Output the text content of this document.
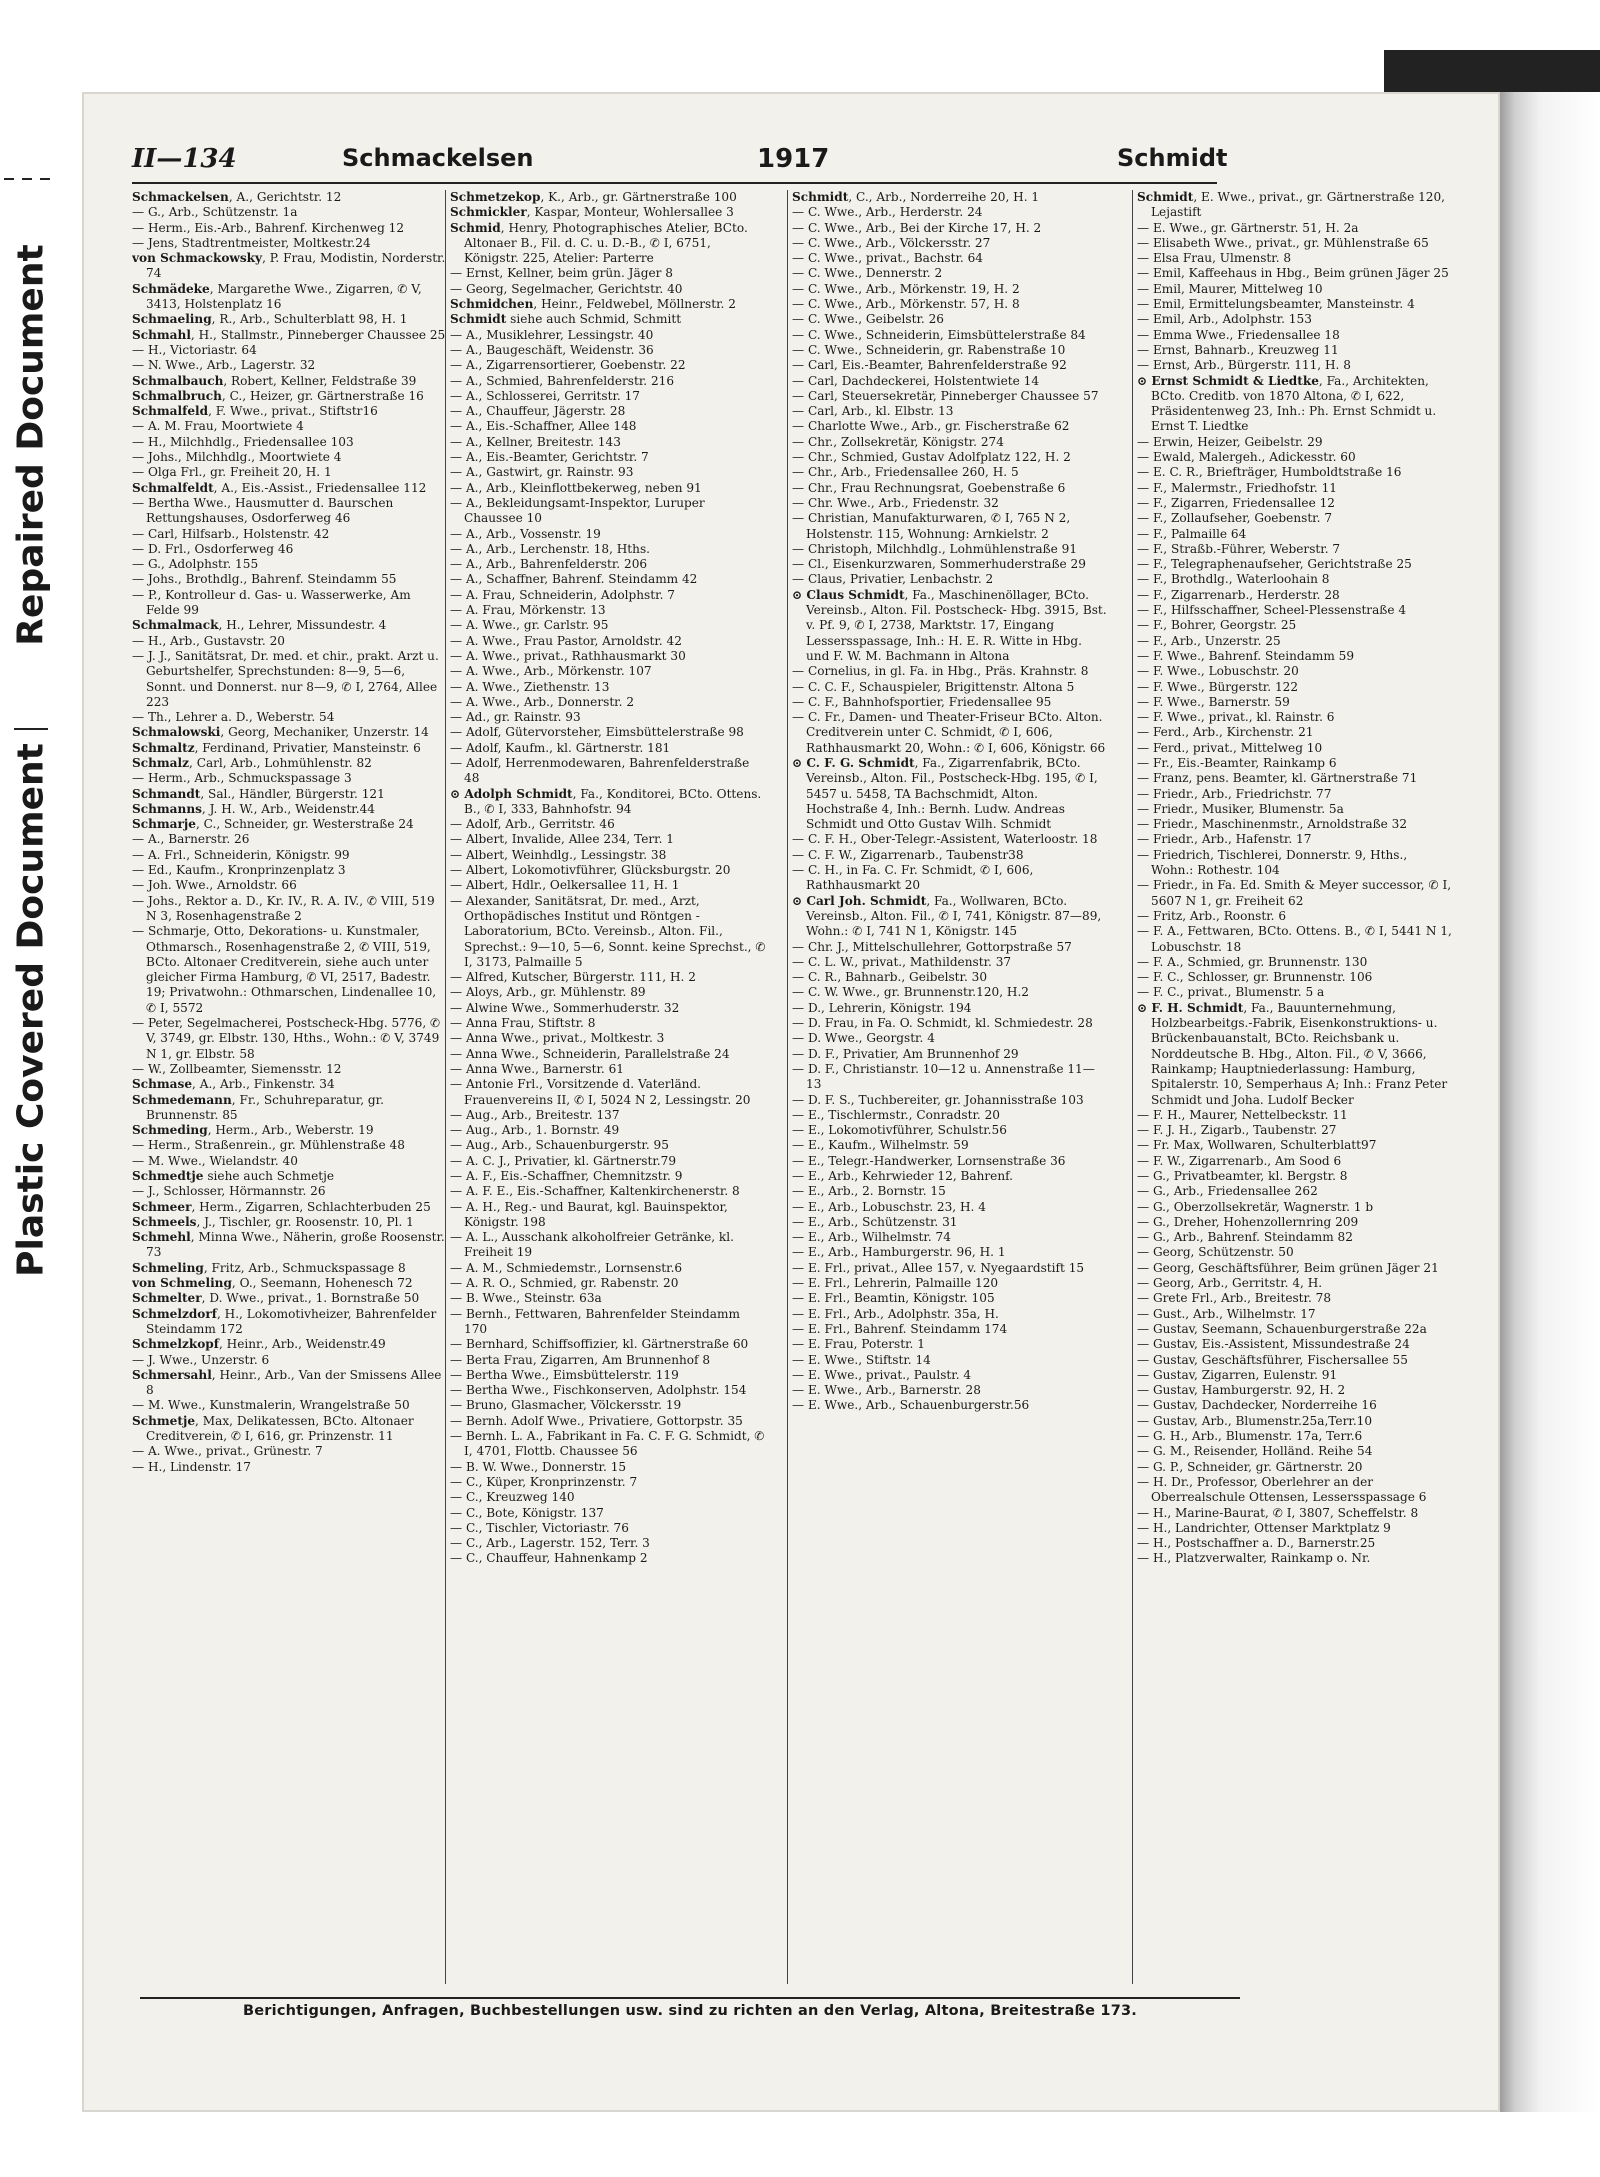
Repaired Document
Plastic Covered Document
II—134	Schmackelsen	1917	Schmidt

Schmackelsen, A., Gerichtstr. 12

— G., Arb., Schützenstr. 1a

— Herm., Eis.-Arb., Bahrenf. Kirchenweg 12

— Jens, Stadtrentmeister, Moltkestr.24

von Schmackowsky, P. Frau, Modistin, Norderstr. 74

Schmädeke, Margarethe Wwe., Zigarren, ✆ V, 3413, Holstenplatz 16

Schmaeling, R., Arb., Schulterblatt 98, H. 1

Schmahl, H., Stallmstr., Pinneberger Chaussee 25

— H., Victoriastr. 64

— N. Wwe., Arb., Lagerstr. 32

Schmalbauch, Robert, Kellner, Feldstraße 39

Schmalbruch, C., Heizer, gr. Gärtnerstraße 16

Schmalfeld, F. Wwe., privat., Stiftstr16

— A. M. Frau, Moortwiete 4

— H., Milchhdlg., Friedensallee 103

— Johs., Milchhdlg., Moortwiete 4

— Olga Frl., gr. Freiheit 20, H. 1

Schmalfeldt, A., Eis.-Assist., Friedensallee 112

— Bertha Wwe., Hausmutter d. Baurschen Rettungshauses, Osdorferweg 46

— Carl, Hilfsarb., Holstenstr. 42

— D. Frl., Osdorferweg 46

— G., Adolphstr. 155

— Johs., Brothdlg., Bahrenf. Steindamm 55

— P., Kontrolleur d. Gas- u. Wasserwerke, Am Felde 99

Schmalmack, H., Lehrer, Missundestr. 4

— H., Arb., Gustavstr. 20

— J. J., Sanitätsrat, Dr. med. et chir., prakt. Arzt u. Geburtshelfer, Sprechstunden: 8—9, 5—6, Sonnt. und Donnerst. nur 8—9, ✆ I, 2764, Allee 223

— Th., Lehrer a. D., Weberstr. 54

Schmalowski, Georg, Mechaniker, Unzerstr. 14

Schmaltz, Ferdinand, Privatier, Mansteinstr. 6

Schmalz, Carl, Arb., Lohmühlenstr. 82

— Herm., Arb., Schmuckspassage 3

Schmandt, Sal., Händler, Bürgerstr. 121

Schmanns, J. H. W., Arb., Weidenstr.44

Schmarje, C., Schneider, gr. Westerstraße 24

— A., Barnerstr. 26

— A. Frl., Schneiderin, Königstr. 99

— Ed., Kaufm., Kronprinzenplatz 3

— Joh. Wwe., Arnoldstr. 66

— Johs., Rektor a. D., Kr. IV., R. A. IV., ✆ VIII, 519 N 3, Rosenhagenstraße 2

— Schmarje, Otto, Dekorations- u. Kunstmaler, Othmarsch., Rosenhagenstraße 2, ✆ VIII, 519, BCto. Altonaer Creditverein, siehe auch unter gleicher Firma Hamburg, ✆ VI, 2517, Badestr. 19; Privatwohn.: Othmarschen, Lindenallee 10, ✆ I, 5572

— Peter, Segelmacherei, Postscheck-Hbg. 5776, ✆ V, 3749, gr. Elbstr. 130, Hths., Wohn.: ✆ V, 3749 N 1, gr. Elbstr. 58

— W., Zollbeamter, Siemensstr. 12

Schmase, A., Arb., Finkenstr. 34

Schmedemann, Fr., Schuhreparatur, gr. Brunnenstr. 85

Schmeding, Herm., Arb., Weberstr. 19

— Herm., Straßenrein., gr. Mühlenstraße 48

— M. Wwe., Wielandstr. 40

Schmedtje siehe auch Schmetje

— J., Schlosser, Hörmannstr. 26

Schmeer, Herm., Zigarren, Schlachterbuden 25

Schmeels, J., Tischler, gr. Roosenstr. 10, Pl. 1

Schmehl, Minna Wwe., Näherin, große Roosenstr. 73

Schmeling, Fritz, Arb., Schmuckspassage 8

von Schmeling, O., Seemann, Hohenesch 72

Schmelter, D. Wwe., privat., 1. Bornstraße 50

Schmelzdorf, H., Lokomotivheizer, Bahrenfelder Steindamm 172

Schmelzkopf, Heinr., Arb., Weidenstr.49

— J. Wwe., Unzerstr. 6

Schmersahl, Heinr., Arb., Van der Smissens Allee 8

— M. Wwe., Kunstmalerin, Wrangelstraße 50

Schmetje, Max, Delikatessen, BCto. Altonaer Creditverein, ✆ I, 616, gr. Prinzenstr. 11

— A. Wwe., privat., Grünestr. 7

— H., Lindenstr. 17

Schmetzekop, K., Arb., gr. Gärtnerstraße 100

Schmickler, Kaspar, Monteur, Wohlersallee 3

Schmid, Henry, Photographisches Atelier, BCto. Altonaer B., Fil. d. C. u. D.-B., ✆ I, 6751, Königstr. 225, Atelier: Parterre

— Ernst, Kellner, beim grün. Jäger 8

— Georg, Segelmacher, Gerichtstr. 40

Schmidchen, Heinr., Feldwebel, Möllnerstr. 2

Schmidt siehe auch Schmid, Schmitt

— A., Musiklehrer, Lessingstr. 40

— A., Baugeschäft, Weidenstr. 36

— A., Zigarrensortierer, Goebenstr. 22

— A., Schmied, Bahrenfelderstr. 216

— A., Schlosserei, Gerritstr. 17

— A., Chauffeur, Jägerstr. 28

— A., Eis.-Schaffner, Allee 148

— A., Kellner, Breitestr. 143

— A., Eis.-Beamter, Gerichtstr. 7

— A., Gastwirt, gr. Rainstr. 93

— A., Arb., Kleinflottbekerweg, neben 91

— A., Bekleidungsamt-Inspektor, Luruper Chaussee 10

— A., Arb., Vossenstr. 19

— A., Arb., Lerchenstr. 18, Hths.

— A., Arb., Bahrenfelderstr. 206

— A., Schaffner, Bahrenf. Steindamm 42

— A. Frau, Schneiderin, Adolphstr. 7

— A. Frau, Mörkenstr. 13

— A. Wwe., gr. Carlstr. 95

— A. Wwe., Frau Pastor, Arnoldstr. 42

— A. Wwe., privat., Rathhausmarkt 30

— A. Wwe., Arb., Mörkenstr. 107

— A. Wwe., Ziethenstr. 13

— A. Wwe., Arb., Donnerstr. 2

— Ad., gr. Rainstr. 93

— Adolf, Gütervorsteher, Eimsbüttelerstraße 98

— Adolf, Kaufm., kl. Gärtnerstr. 181

— Adolf, Herrenmodewaren, Bahrenfelderstraße 48

⊙ Adolph Schmidt, Fa., Konditorei, BCto. Ottens. B., ✆ I, 333, Bahnhofstr. 94

— Adolf, Arb., Gerritstr. 46

— Albert, Invalide, Allee 234, Terr. 1

— Albert, Weinhdlg., Lessingstr. 38

— Albert, Lokomotivführer, Glücksburgstr. 20

— Albert, Hdlr., Oelkersallee 11, H. 1

— Alexander, Sanitätsrat, Dr. med., Arzt, Orthopädisches Institut und Röntgen - Laboratorium, BCto. Vereinsb., Alton. Fil., Sprechst.: 9—10, 5—6, Sonnt. keine Sprechst., ✆ I, 3173, Palmaille 5

— Alfred, Kutscher, Bürgerstr. 111, H. 2

— Aloys, Arb., gr. Mühlenstr. 89

— Alwine Wwe., Sommerhuderstr. 32

— Anna Frau, Stiftstr. 8

— Anna Wwe., privat., Moltkestr. 3

— Anna Wwe., Schneiderin, Parallelstraße 24

— Anna Wwe., Barnerstr. 61

— Antonie Frl., Vorsitzende d. Vaterländ. Frauenvereins II, ✆ I, 5024 N 2, Lessingstr. 20

— Aug., Arb., Breitestr. 137

— Aug., Arb., 1. Bornstr. 49

— Aug., Arb., Schauenburgerstr. 95

— A. C. J., Privatier, kl. Gärtnerstr.79

— A. F., Eis.-Schaffner, Chemnitzstr. 9

— A. F. E., Eis.-Schaffner, Kaltenkirchenerstr. 8

— A. H., Reg.- und Baurat, kgl. Bauinspektor, Königstr. 198

— A. L., Ausschank alkoholfreier Getränke, kl. Freiheit 19

— A. M., Schmiedemstr., Lornsenstr.6

— A. R. O., Schmied, gr. Rabenstr. 20

— B. Wwe., Steinstr. 63a

— Bernh., Fettwaren, Bahrenfelder Steindamm 170

— Bernhard, Schiffsoffizier, kl. Gärtnerstraße 60

— Berta Frau, Zigarren, Am Brunnenhof 8

— Bertha Wwe., Eimsbüttelerstr. 119

— Bertha Wwe., Fischkonserven, Adolphstr. 154

— Bruno, Glasmacher, Völckersstr. 19

— Bernh. Adolf Wwe., Privatiere, Gottorpstr. 35

— Bernh. L. A., Fabrikant in Fa. C. F. G. Schmidt, ✆ I, 4701, Flottb. Chaussee 56

— B. W. Wwe., Donnerstr. 15

— C., Küper, Kronprinzenstr. 7

— C., Kreuzweg 140

— C., Bote, Königstr. 137

— C., Tischler, Victoriastr. 76

— C., Arb., Lagerstr. 152, Terr. 3

— C., Chauffeur, Hahnenkamp 2

Schmidt, C., Arb., Norderreihe 20, H. 1

— C. Wwe., Arb., Herderstr. 24

— C. Wwe., Arb., Bei der Kirche 17, H. 2

— C. Wwe., Arb., Völckersstr. 27

— C. Wwe., privat., Bachstr. 64

— C. Wwe., Dennerstr. 2

— C. Wwe., Arb., Mörkenstr. 19, H. 2

— C. Wwe., Arb., Mörkenstr. 57, H. 8

— C. Wwe., Geibelstr. 26

— C. Wwe., Schneiderin, Eimsbüttelerstraße 84

— C. Wwe., Schneiderin, gr. Rabenstraße 10

— Carl, Eis.-Beamter, Bahrenfelderstraße 92

— Carl, Dachdeckerei, Holstentwiete 14

— Carl, Steuersekretär, Pinneberger Chaussee 57

— Carl, Arb., kl. Elbstr. 13

— Charlotte Wwe., Arb., gr. Fischerstraße 62

— Chr., Zollsekretär, Königstr. 274

— Chr., Schmied, Gustav Adolfplatz 122, H. 2

— Chr., Arb., Friedensallee 260, H. 5

— Chr., Frau Rechnungsrat, Goebenstraße 6

— Chr. Wwe., Arb., Friedenstr. 32

— Christian, Manufakturwaren, ✆ I, 765 N 2, Holstenstr. 115, Wohnung: Arnkielstr. 2

— Christoph, Milchhdlg., Lohmühlenstraße 91

— Cl., Eisenkurzwaren, Sommerhuderstraße 29

— Claus, Privatier, Lenbachstr. 2

⊙ Claus Schmidt, Fa., Maschinenöllager, BCto. Vereinsb., Alton. Fil. Postscheck- Hbg. 3915, Bst. v. Pf. 9, ✆ I, 2738, Marktstr. 17, Eingang Lessersspassage, Inh.: H. E. R. Witte in Hbg. und F. W. M. Bachmann in Altona

— Cornelius, in gl. Fa. in Hbg., Präs. Krahnstr. 8

— C. C. F., Schauspieler, Brigittenstr. Altona 5

— C. F., Bahnhofsportier, Friedensallee 95

— C. Fr., Damen- und Theater-Friseur BCto. Alton. Creditverein unter C. Schmidt, ✆ I, 606, Rathhausmarkt 20, Wohn.: ✆ I, 606, Königstr. 66

⊙ C. F. G. Schmidt, Fa., Zigarrenfabrik, BCto. Vereinsb., Alton. Fil., Postscheck-Hbg. 195, ✆ I, 5457 u. 5458, TA Bachschmidt, Alton. Hochstraße 4, Inh.: Bernh. Ludw. Andreas Schmidt und Otto Gustav Wilh. Schmidt

— C. F. H., Ober-Telegr.-Assistent, Waterloostr. 18

— C. F. W., Zigarrenarb., Taubenstr38

— C. H., in Fa. C. Fr. Schmidt, ✆ I, 606, Rathhausmarkt 20

⊙ Carl Joh. Schmidt, Fa., Wollwaren, BCto. Vereinsb., Alton. Fil., ✆ I, 741, Königstr. 87—89, Wohn.: ✆ I, 741 N 1, Königstr. 145

— Chr. J., Mittelschullehrer, Gottorpstraße 57

— C. L. W., privat., Mathildenstr. 37

— C. R., Bahnarb., Geibelstr. 30

— C. W. Wwe., gr. Brunnenstr.120, H.2

— D., Lehrerin, Königstr. 194

— D. Frau, in Fa. O. Schmidt, kl. Schmiedestr. 28

— D. Wwe., Georgstr. 4

— D. F., Privatier, Am Brunnenhof 29

— D. F., Christianstr. 10—12 u. Annenstraße 11—13

— D. F. S., Tuchbereiter, gr. Johannisstraße 103

— E., Tischlermstr., Conradstr. 20

— E., Lokomotivführer, Schulstr.56

— E., Kaufm., Wilhelmstr. 59

— E., Telegr.-Handwerker, Lornsenstraße 36

— E., Arb., Kehrwieder 12, Bahrenf.

— E., Arb., 2. Bornstr. 15

— E., Arb., Lobuschstr. 23, H. 4

— E., Arb., Schützenstr. 31

— E., Arb., Wilhelmstr. 74

— E., Arb., Hamburgerstr. 96, H. 1

— E. Frl., privat., Allee 157, v. Nyegaardstift 15

— E. Frl., Lehrerin, Palmaille 120

— E. Frl., Beamtin, Königstr. 105

— E. Frl., Arb., Adolphstr. 35a, H.

— E. Frl., Bahrenf. Steindamm 174

— E. Frau, Poterstr. 1

— E. Wwe., Stiftstr. 14

— E. Wwe., privat., Paulstr. 4

— E. Wwe., Arb., Barnerstr. 28

— E. Wwe., Arb., Schauenburgerstr.56

Schmidt, E. Wwe., privat., gr. Gärtnerstraße 120, Lejastift

— E. Wwe., gr. Gärtnerstr. 51, H. 2a

— Elisabeth Wwe., privat., gr. Mühlenstraße 65

— Elsa Frau, Ulmenstr. 8

— Emil, Kaffeehaus in Hbg., Beim grünen Jäger 25

— Emil, Maurer, Mittelweg 10

— Emil, Ermittelungsbeamter, Mansteinstr. 4

— Emil, Arb., Adolphstr. 153

— Emma Wwe., Friedensallee 18

— Ernst, Bahnarb., Kreuzweg 11

— Ernst, Arb., Bürgerstr. 111, H. 8

⊙ Ernst Schmidt & Liedtke, Fa., Architekten, BCto. Creditb. von 1870 Altona, ✆ I, 622, Präsidentenweg 23, Inh.: Ph. Ernst Schmidt u. Ernst T. Liedtke

— Erwin, Heizer, Geibelstr. 29

— Ewald, Malergeh., Adickesstr. 60

— E. C. R., Briefträger, Humboldtstraße 16

— F., Malermstr., Friedhofstr. 11

— F., Zigarren, Friedensallee 12

— F., Zollaufseher, Goebenstr. 7

— F., Palmaille 64

— F., Straßb.-Führer, Weberstr. 7

— F., Telegraphenaufseher, Gerichtstraße 25

— F., Brothdlg., Waterloohain 8

— F., Zigarrenarb., Herderstr. 28

— F., Hilfsschaffner, Scheel-Plessenstraße 4

— F., Bohrer, Georgstr. 25

— F., Arb., Unzerstr. 25

— F. Wwe., Bahrenf. Steindamm 59

— F. Wwe., Lobuschstr. 20

— F. Wwe., Bürgerstr. 122

— F. Wwe., Barnerstr. 59

— F. Wwe., privat., kl. Rainstr. 6

— Ferd., Arb., Kirchenstr. 21

— Ferd., privat., Mittelweg 10

— Fr., Eis.-Beamter, Rainkamp 6

— Franz, pens. Beamter, kl. Gärtnerstraße 71

— Friedr., Arb., Friedrichstr. 77

— Friedr., Musiker, Blumenstr. 5a

— Friedr., Maschinenmstr., Arnoldstraße 32

— Friedr., Arb., Hafenstr. 17

— Friedrich, Tischlerei, Donnerstr. 9, Hths., Wohn.: Rothestr. 104

— Friedr., in Fa. Ed. Smith & Meyer successor, ✆ I, 5607 N 1, gr. Freiheit 62

— Fritz, Arb., Roonstr. 6

— F. A., Fettwaren, BCto. Ottens. B., ✆ I, 5441 N 1, Lobuschstr. 18

— F. A., Schmied, gr. Brunnenstr. 130

— F. C., Schlosser, gr. Brunnenstr. 106

— F. C., privat., Blumenstr. 5 a

⊙ F. H. Schmidt, Fa., Bauunternehmung, Holzbearbeitgs.-Fabrik, Eisenkonstruktions- u. Brückenbauanstalt, BCto. Reichsbank u. Norddeutsche B. Hbg., Alton. Fil., ✆ V, 3666, Rainkamp; Hauptniederlassung: Hamburg, Spitalerstr. 10, Semperhaus A; Inh.: Franz Peter Schmidt und Joha. Ludolf Becker

— F. H., Maurer, Nettelbeckstr. 11

— F. J. H., Zigarb., Taubenstr. 27

— Fr. Max, Wollwaren, Schulterblatt97

— F. W., Zigarrenarb., Am Sood 6

— G., Privatbeamter, kl. Bergstr. 8

— G., Arb., Friedensallee 262

— G., Oberzollsekretär, Wagnerstr. 1 b

— G., Dreher, Hohenzollernring 209

— G., Arb., Bahrenf. Steindamm 82

— Georg, Schützenstr. 50

— Georg, Geschäftsführer, Beim grünen Jäger 21

— Georg, Arb., Gerritstr. 4, H.

— Grete Frl., Arb., Breitestr. 78

— Gust., Arb., Wilhelmstr. 17

— Gustav, Seemann, Schauenburgerstraße 22a

— Gustav, Eis.-Assistent, Missundestraße 24

— Gustav, Geschäftsführer, Fischersallee 55

— Gustav, Zigarren, Eulenstr. 91

— Gustav, Hamburgerstr. 92, H. 2

— Gustav, Dachdecker, Norderreihe 16

— Gustav, Arb., Blumenstr.25a,Terr.10

— G. H., Arb., Blumenstr. 17a, Terr.6

— G. M., Reisender, Holländ. Reihe 54

— G. P., Schneider, gr. Gärtnerstr. 20

— H. Dr., Professor, Oberlehrer an der Oberrealschule Ottensen, Lessersspassage 6

— H., Marine-Baurat, ✆ I, 3807, Scheffelstr. 8

— H., Landrichter, Ottenser Marktplatz 9

— H., Postschaffner a. D., Barnerstr.25

— H., Platzverwalter, Rainkamp o. Nr.

Berichtigungen, Anfragen, Buchbestellungen usw. sind zu richten an den Verlag, Altona, Breitestraße 173.
